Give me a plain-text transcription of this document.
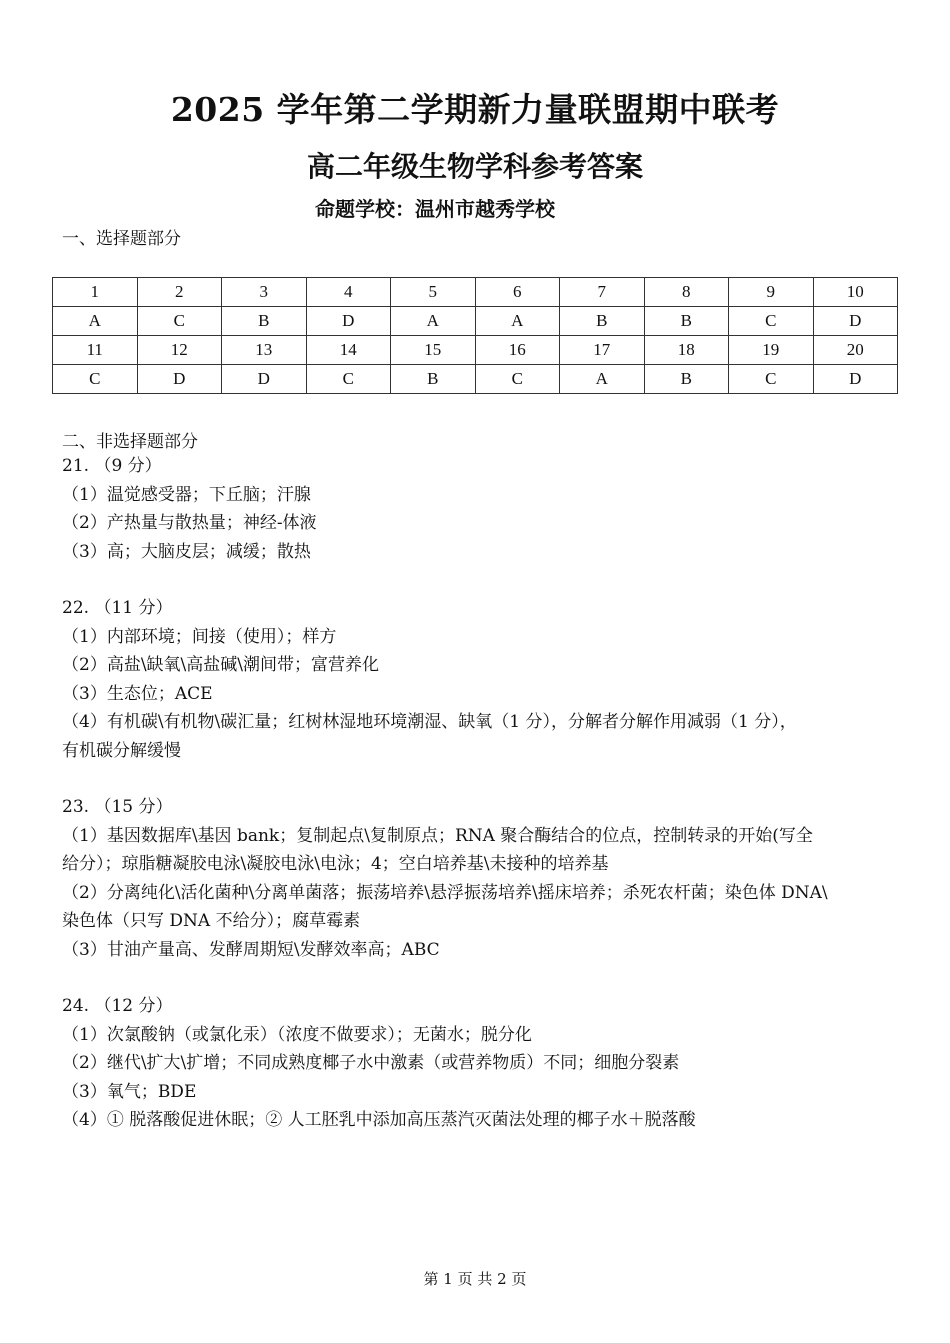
2025 学年第二学期新力量联盟期中联考
高二年级生物学科参考答案
命题学校：温州市越秀学校
一、选择题部分
1	2	3	4	5	6	7	8	9	10
A	C	B	D	A	A	B	B	C	D
11	12	13	14	15	16	17	18	19	20
C	D	D	C	B	C	A	B	C	D
二、非选择题部分
21. （9 分）
（1）温觉感受器；下丘脑；汗腺
（2）产热量与散热量；神经-体液
（3）高；大脑皮层；减缓；散热
22. （11 分）
（1）内部环境；间接（使用）；样方
（2）高盐\缺氧\高盐碱\潮间带；富营养化
（3）生态位；ACE
（4）有机碳\有机物\碳汇量；红树林湿地环境潮湿、缺氧（1 分），分解者分解作用减弱（1 分），
有机碳分解缓慢
23. （15 分）
（1）基因数据库\基因 bank；复制起点\复制原点；RNA 聚合酶结合的位点，控制转录的开始(写全
给分）；琼脂糖凝胶电泳\凝胶电泳\电泳；4；空白培养基\未接种的培养基
（2）分离纯化\活化菌种\分离单菌落；振荡培养\悬浮振荡培养\摇床培养；杀死农杆菌；染色体 DNA\
染色体（只写 DNA 不给分）；腐草霉素
（3）甘油产量高、发酵周期短\发酵效率高；ABC
24. （12 分）
（1）次氯酸钠（或氯化汞）（浓度不做要求）；无菌水；脱分化
（2）继代\扩大\扩增；不同成熟度椰子水中激素（或营养物质）不同；细胞分裂素
（3）氧气；BDE
（4）① 脱落酸促进休眠；② 人工胚乳中添加高压蒸汽灭菌法处理的椰子水＋脱落酸
第 1 页 共 2 页
